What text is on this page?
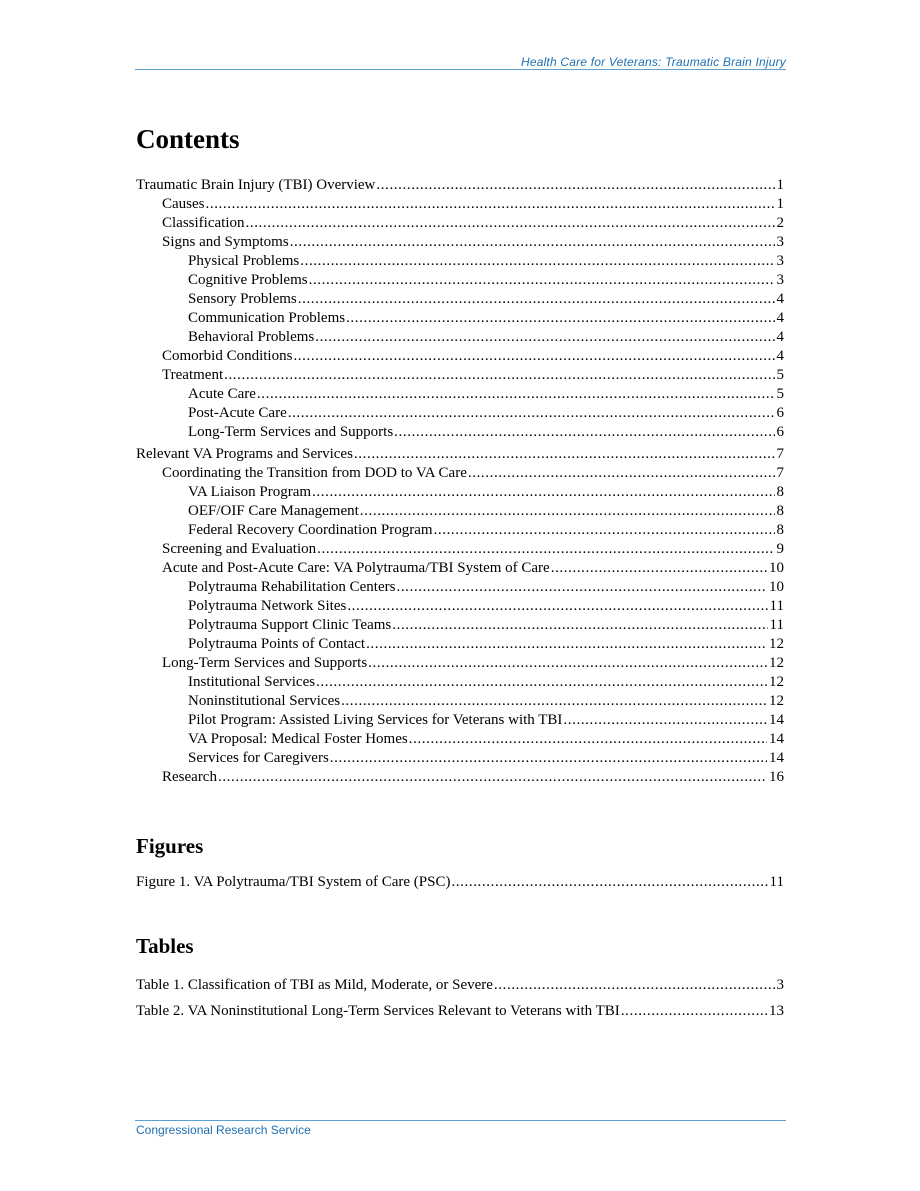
Health Care for Veterans: Traumatic Brain Injury
Contents
Traumatic Brain Injury (TBI) Overview .....	1
Causes .....	1
Classification .....	2
Signs and Symptoms .....	3
Physical Problems .....	3
Cognitive Problems .....	3
Sensory Problems .....	4
Communication Problems .....	4
Behavioral Problems .....	4
Comorbid Conditions .....	4
Treatment .....	5
Acute Care .....	5
Post-Acute Care .....	6
Long-Term Services and Supports .....	6
Relevant VA Programs and Services .....	7
Coordinating the Transition from DOD to VA Care .....	7
VA Liaison Program .....	8
OEF/OIF Care Management .....	8
Federal Recovery Coordination Program .....	8
Screening and Evaluation .....	9
Acute and Post-Acute Care: VA Polytrauma/TBI System of Care .....	10
Polytrauma Rehabilitation Centers .....	10
Polytrauma Network Sites .....	11
Polytrauma Support Clinic Teams .....	11
Polytrauma Points of Contact .....	12
Long-Term Services and Supports .....	12
Institutional Services .....	12
Noninstitutional Services .....	12
Pilot Program: Assisted Living Services for Veterans with TBI .....	14
VA Proposal: Medical Foster Homes .....	14
Services for Caregivers .....	14
Research .....	16
Figures
Figure 1. VA Polytrauma/TBI System of Care (PSC) .....	11
Tables
Table 1. Classification of TBI as Mild, Moderate, or Severe .....	3
Table 2. VA Noninstitutional Long-Term Services Relevant to Veterans with TBI .....	13
Congressional Research Service
